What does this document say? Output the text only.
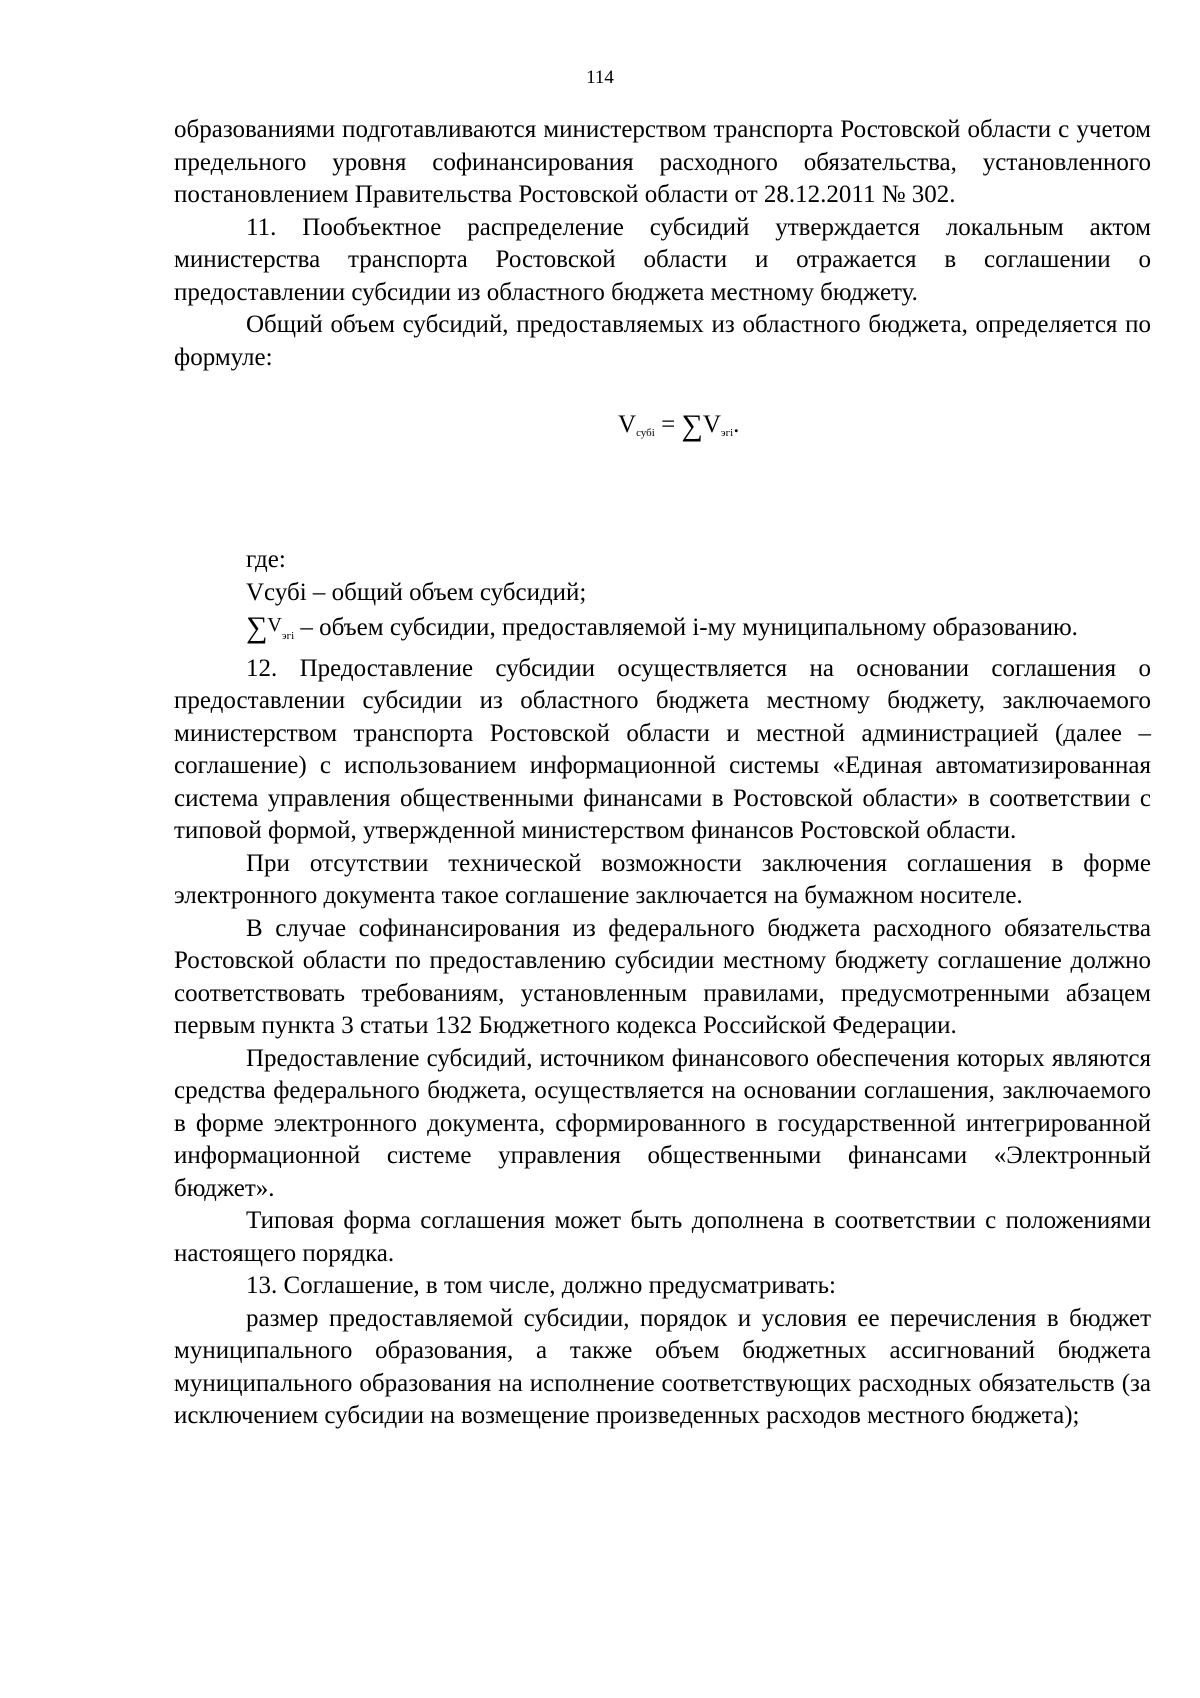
114

образованиями подготавливаются министерством транспорта Ростовской области с учетом предельного уровня софинансирования расходного обязательства, установленного постановлением Правительства Ростовской области от 28.12.2011 № 302.

11. Пообъектное распределение субсидий утверждается локальным актом министерства транспорта Ростовской области и отражается в соглашении о предоставлении субсидии из областного бюджета местному бюджету.

Общий объем субсидий, предоставляемых из областного бюджета, определяется по формуле:

$V_{субi} = \sum V_{эгi}$.

где:

Vсубi – общий объем субсидий;

$\sum V_{эгi}$ – объем субсидии, предоставляемой i-му муниципальному образованию.

12. Предоставление субсидии осуществляется на основании соглашения о предоставлении субсидии из областного бюджета местному бюджету, заключаемого министерством транспорта Ростовской области и местной администрацией (далее – соглашение) с использованием информационной системы «Единая автоматизированная система управления общественными финансами в Ростовской области» в соответствии с типовой формой, утвержденной министерством финансов Ростовской области.

При отсутствии технической возможности заключения соглашения в форме электронного документа такое соглашение заключается на бумажном носителе.

В случае софинансирования из федерального бюджета расходного обязательства Ростовской области по предоставлению субсидии местному бюджету соглашение должно соответствовать требованиям, установленным правилами, предусмотренными абзацем первым пункта 3 статьи 132 Бюджетного кодекса Российской Федерации.

Предоставление субсидий, источником финансового обеспечения которых являются средства федерального бюджета, осуществляется на основании соглашения, заключаемого в форме электронного документа, сформированного в государственной интегрированной информационной системе управления общественными финансами «Электронный бюджет».

Типовая форма соглашения может быть дополнена в соответствии с положениями настоящего порядка.

13. Соглашение, в том числе, должно предусматривать:

размер предоставляемой субсидии, порядок и условия ее перечисления в бюджет муниципального образования, а также объем бюджетных ассигнований бюджета муниципального образования на исполнение соответствующих расходных обязательств (за исключением субсидии на возмещение произведенных расходов местного бюджета);
